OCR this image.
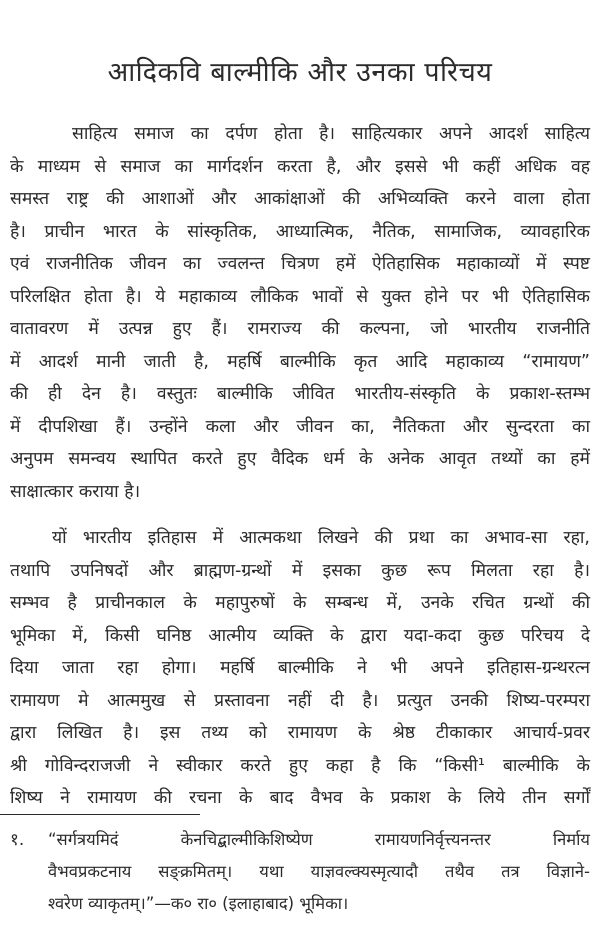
आदिकवि बाल्मीकि और उनका परिचय
साहित्य समाज का दर्पण होता है। साहित्यकार अपने आदर्श साहित्य
के माध्यम से समाज का मार्गदर्शन करता है, और इससे भी कहीं अधिक वह
समस्त राष्ट्र की आशाओं और आकांक्षाओं की अभिव्यक्ति करने वाला होता
है। प्राचीन भारत के सांस्कृतिक, आध्यात्मिक, नैतिक, सामाजिक, व्यावहारिक
एवं राजनीतिक जीवन का ज्वलन्त चित्रण हमें ऐतिहासिक महाकाव्यों में स्पष्ट
परिलक्षित होता है। ये महाकाव्य लौकिक भावों से युक्त होने पर भी ऐतिहासिक
वातावरण में उत्पन्न हुए हैं। रामराज्य की कल्पना, जो भारतीय राजनीति
में आदर्श मानी जाती है, महर्षि बाल्मीकि कृत आदि महाकाव्य “रामायण”
की ही देन है। वस्तुतः बाल्मीकि जीवित भारतीय-संस्कृति के प्रकाश-स्तम्भ
में दीपशिखा हैं। उन्होंने कला और जीवन का, नैतिकता और सुन्दरता का
अनुपम समन्वय स्थापित करते हुए वैदिक धर्म के अनेक आवृत तथ्यों का हमें
साक्षात्कार कराया है।
यों भारतीय इतिहास में आत्मकथा लिखने की प्रथा का अभाव-सा रहा,
तथापि उपनिषदों और ब्राह्मण-ग्रन्थों में इसका कुछ रूप मिलता रहा है।
सम्भव है प्राचीनकाल के महापुरुषों के सम्बन्ध में, उनके रचित ग्रन्थों की
भूमिका में, किसी घनिष्ठ आत्मीय व्यक्ति के द्वारा यदा-कदा कुछ परिचय दे
दिया जाता रहा होगा। महर्षि बाल्मीकि ने भी अपने इतिहास-ग्रन्थरत्न
रामायण मे आत्ममुख से प्रस्तावना नहीं दी है। प्रत्युत उनकी शिष्य-परम्परा
द्वारा लिखित है। इस तथ्य को रामायण के श्रेष्ठ टीकाकार आचार्य-प्रवर
श्री गोविन्दराजजी ने स्वीकार करते हुए कहा है कि “किसी¹ बाल्मीकि के
शिष्य ने रामायण की रचना के बाद वैभव के प्रकाश के लिये तीन सर्गों
१.	“सर्गत्रयमिदं केनचिद्बाल्मीकिशिष्येण रामायणनिर्वृत्त्यनन्तर निर्माय
वैभवप्रकटनाय सङ्क्रमितम्। यथा याज्ञवल्क्यस्मृत्यादौ तथैव तत्र विज्ञाने-
श्वरेण व्याकृतम्।”—क० रा० (इलाहाबाद) भूमिका।
